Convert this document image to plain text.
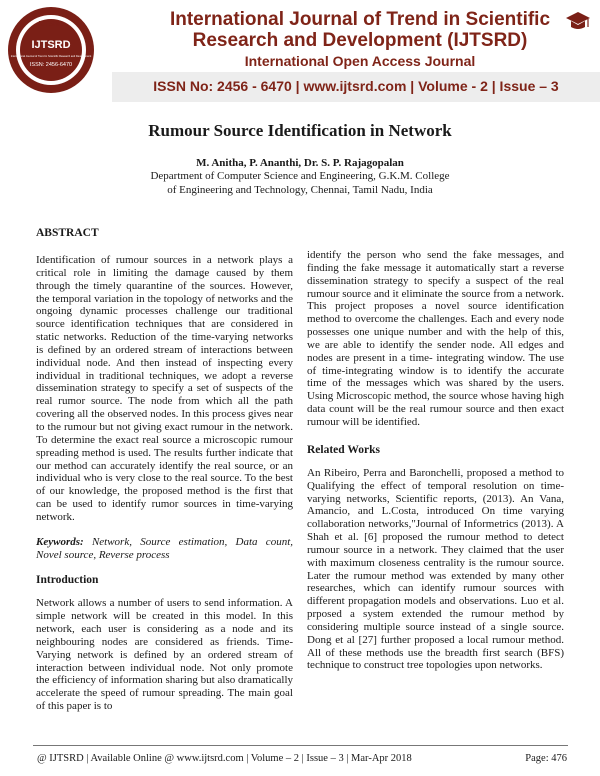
IJTSRD
IJTSRD
ISSN: 2456-6470
International Journal of Trend in Scientific Research and Development
International Journal of Trend in Scientific
Research and Development (IJTSRD)
International Open Access Journal
ISSN No: 2456 - 6470 | www.ijtsrd.com | Volume - 2 | Issue – 3
Rumour Source Identification in Network
M. Anitha, P. Ananthi, Dr. S. P. Rajagopalan
Department of Computer Science and Engineering, G.K.M. College
of Engineering and Technology, Chennai, Tamil Nadu, India
ABSTRACT

Identification of rumour sources in a network plays a critical role in limiting the damage caused by them through the timely quarantine of the sources. However, the temporal variation in the topology of networks and the ongoing dynamic processes challenge our traditional source identification techniques that are considered in static networks. Reduction of the time-varying networks is defined by an ordered stream of interactions between individual node. And then instead of inspecting every individual in traditional techniques, we adopt a reverse dissemination strategy to specify a set of suspects of the real rumor source. The node from which all the path covering all the observed nodes. In this process gives near to the rumour but not giving exact rumour in the network. To determine the exact real source a microscopic rumour spreading method is used. The results further indicate that our method can accurately identify the real source, or an individual who is very close to the real source. To the best of our knowledge, the proposed method is the first that can be used to identify rumor sources in time-varying network.

Keywords: Network, Source estimation, Data count, Novel source, Reverse process

Introduction

Network allows a number of users to send information. A simple network will be created in this model. In this network, each user is considering as a node and its neighbouring nodes are considered as friends. Time-Varying network is defined by an ordered stream of interaction between individual node. Not only promote the efficiency of information sharing but also dramatically accelerate the speed of rumour spreading. The main goal of this paper is to

identify the person who send the fake messages, and finding the fake message it automatically start a reverse dissemination strategy to specify a suspect of the real rumour source and it eliminate the source from a network. This project proposes a novel source identification method to overcome the challenges. Each and every node possesses one unique number and with the help of this, we are able to identify the sender node. All edges and nodes are present in a time- integrating window. The use of time-integrating window is to identify the accurate time of the messages which was shared by the users. Using Microscopic method, the source whose having high data count will be the real rumour source and then exact rumour will be identified.

Related Works

An Ribeiro, Perra and Baronchelli, proposed a method to Qualifying the effect of temporal resolution on time-varying networks, Scientific reports, (2013). An Vana, Amancio, and L.Costa, introduced On time varying collaboration networks,"Journal of Informetrics (2013). A Shah et al. [6] proposed the rumour method to detect rumour source in a network. They claimed that the user with maximum closeness centrality is the rumour source. Later the rumour method was extended by many other researches, which can identify rumour sources with different propagation models and observations. Luo et al. prposed a system extended the rumour method by considering multiple source instead of a single source. Dong et al [27] further proposed a local rumour method. All of these methods use the breadth first search (BFS) technique to construct tree topologies upon networks.

@ IJTSRD | Available Online @ www.ijtsrd.com | Volume – 2 | Issue – 3 | Mar-Apr 2018	Page: 476
